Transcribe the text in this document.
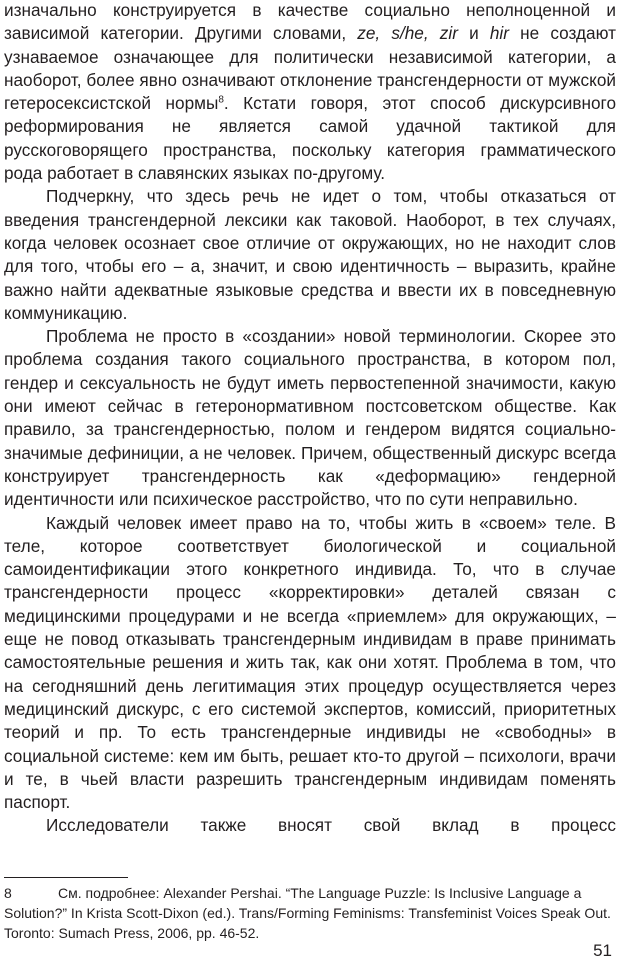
изначально конструируется в качестве социально неполноценной и зависимой категории. Другими словами, ze, s/he, zir и hir не создают узнаваемое означающее для политически независимой категории, а наоборот, более явно означивают отклонение трансгендерности от мужской гетеросексистской нормы$^8$. Кстати говоря, этот способ дискурсивного реформирования не является самой удачной тактикой для русскоговорящего пространства, поскольку категория грамматического рода работает в славянских языках по-другому.

Подчеркну, что здесь речь не идет о том, чтобы отказаться от введения трансгендерной лексики как таковой. Наоборот, в тех случаях, когда человек осознает свое отличие от окружающих, но не находит слов для того, чтобы его – а, значит, и свою идентичность – выразить, крайне важно найти адекватные языковые средства и ввести их в повседневную коммуникацию.

Проблема не просто в «создании» новой терминологии. Скорее это проблема создания такого социального пространства, в котором пол, гендер и сексуальность не будут иметь первостепенной значимости, какую они имеют сейчас в гетеронормативном постсоветском обществе. Как правило, за трансгендерностью, полом и гендером видятся социально-значимые дефиниции, а не человек. Причем, общественный дискурс всегда конструирует трансгендерность как «деформацию» гендерной идентичности или психическое расстройство, что по сути неправильно.

Каждый человек имеет право на то, чтобы жить в «своем» теле. В теле, которое соответствует биологической и социальной самоидентификации этого конкретного индивида. То, что в случае трансгендерности процесс «корректировки» деталей связан с медицинскими процедурами и не всегда «приемлем» для окружающих, – еще не повод отказывать трансгендерным индивидам в праве принимать самостоятельные решения и жить так, как они хотят. Проблема в том, что на сегодняшний день легитимация этих процедур осуществляется через медицинский дискурс, с его системой экспертов, комиссий, приоритетных теорий и пр. То есть трансгендерные индивиды не «свободны» в социальной системе: кем им быть, решает кто-то другой – психологи, врачи и те, в чьей власти разрешить трансгендерным индивидам поменять паспорт.

Исследователи также вносят свой вклад в процесс

8	См. подробнее: Alexander Pershai. “The Language Puzzle: Is Inclusive Language a Solution?” In Krista Scott-Dixon (ed.). Trans/Forming Feminisms: Transfeminist Voices Speak Out. Toronto: Sumach Press, 2006, pp. 46-52.
51
